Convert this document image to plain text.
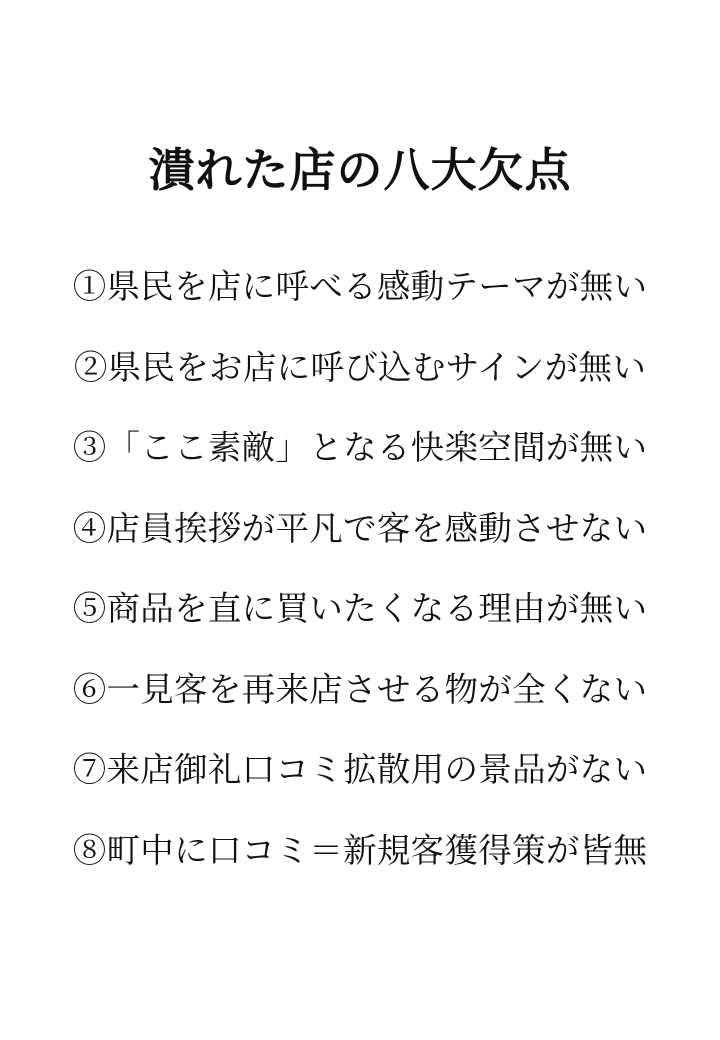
潰れた店の八大欠点
①県民を店に呼べる感動テーマが無い
②県民をお店に呼び込むサインが無い
③「ここ素敵」となる快楽空間が無い
④店員挨拶が平凡で客を感動させない
⑤商品を直に買いたくなる理由が無い
⑥一見客を再来店させる物が全くない
⑦来店御礼口コミ拡散用の景品がない
⑧町中に口コミ＝新規客獲得策が皆無
